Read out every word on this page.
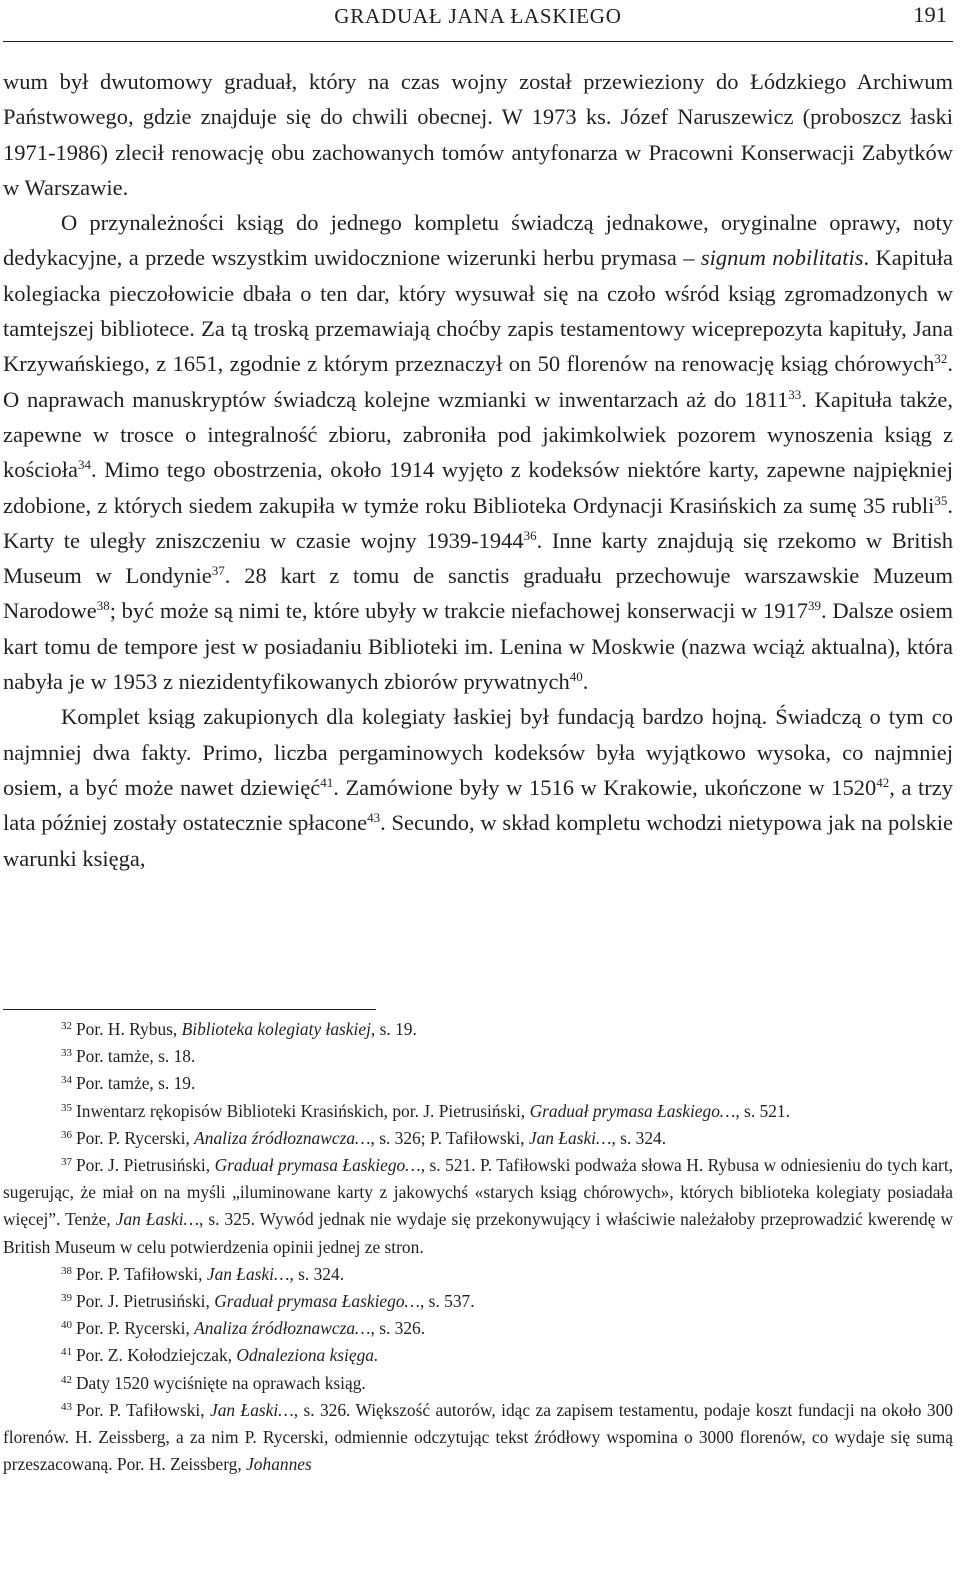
GRADUAŁ JANA ŁASKIEGO	191

wum był dwutomowy graduał, który na czas wojny został przewieziony do Łódzkiego Archiwum Państwowego, gdzie znajduje się do chwili obecnej. W 1973 ks. Józef Naruszewicz (proboszcz łaski 1971-1986) zlecił renowację obu zachowanych tomów antyfonarza w Pracowni Konserwacji Zabytków w Warszawie.

O przynależności ksiąg do jednego kompletu świadczą jednakowe, oryginalne oprawy, noty dedykacyjne, a przede wszystkim uwidocznione wizerunki herbu prymasa – signum nobilitatis. Kapituła kolegiacka pieczołowicie dbała o ten dar, który wysuwał się na czoło wśród ksiąg zgromadzonych w tamtejszej bibliotece. Za tą troską przemawiają choćby zapis testamentowy wiceprepozyta kapituły, Jana Krzywańskiego, z 1651, zgodnie z którym przeznaczył on 50 florenów na renowację ksiąg chórowych$^{32}$. O naprawach manuskryptów świadczą kolejne wzmianki w inwentarzach aż do 1811$^{33}$. Kapituła także, zapewne w trosce o integralność zbioru, zabroniła pod jakimkolwiek pozorem wynoszenia ksiąg z kościoła$^{34}$. Mimo tego obostrzenia, około 1914 wyjęto z kodeksów niektóre karty, zapewne najpiękniej zdobione, z których siedem zakupiła w tymże roku Biblioteka Ordynacji Krasińskich za sumę 35 rubli$^{35}$. Karty te uległy zniszczeniu w czasie wojny 1939-1944$^{36}$. Inne karty znajdują się rzekomo w British Museum w Londynie$^{37}$. 28 kart z tomu de sanctis graduału przechowuje warszawskie Muzeum Narodowe$^{38}$; być może są nimi te, które ubyły w trakcie niefachowej konserwacji w 1917$^{39}$. Dalsze osiem kart tomu de tempore jest w posiadaniu Biblioteki im. Lenina w Moskwie (nazwa wciąż aktualna), która nabyła je w 1953 z niezidentyfikowanych zbiorów prywatnych$^{40}$.

Komplet ksiąg zakupionych dla kolegiaty łaskiej był fundacją bardzo hojną. Świadczą o tym co najmniej dwa fakty. Primo, liczba pergaminowych kodeksów była wyjątkowo wysoka, co najmniej osiem, a być może nawet dziewięć$^{41}$. Zamówione były w 1516 w Krakowie, ukończone w 1520$^{42}$, a trzy lata później zostały ostatecznie spłacone$^{43}$. Secundo, w skład kompletu wchodzi nietypowa jak na polskie warunki księga,

$^{32}$ Por. H. Rybus, Biblioteka kolegiaty łaskiej, s. 19.

$^{33}$ Por. tamże, s. 18.

$^{34}$ Por. tamże, s. 19.

$^{35}$ Inwentarz rękopisów Biblioteki Krasińskich, por. J. Pietrusiński, Graduał prymasa Łaskiego…, s. 521.

$^{36}$ Por. P. Rycerski, Analiza źródłoznawcza…, s. 326; P. Tafiłowski, Jan Łaski…, s. 324.

$^{37}$ Por. J. Pietrusiński, Graduał prymasa Łaskiego…, s. 521. P. Tafiłowski podważa słowa H. Rybusa w odniesieniu do tych kart, sugerując, że miał on na myśli „iluminowane karty z jakowychś «starych ksiąg chórowych», których biblioteka kolegiaty posiadała więcej”. Tenże, Jan Łaski…, s. 325. Wywód jednak nie wydaje się przekonywujący i właściwie należałoby przeprowadzić kwerendę w British Museum w celu potwierdzenia opinii jednej ze stron.

$^{38}$ Por. P. Tafiłowski, Jan Łaski…, s. 324.

$^{39}$ Por. J. Pietrusiński, Graduał prymasa Łaskiego…, s. 537.

$^{40}$ Por. P. Rycerski, Analiza źródłoznawcza…, s. 326.

$^{41}$ Por. Z. Kołodziejczak, Odnaleziona księga.

$^{42}$ Daty 1520 wyciśnięte na oprawach ksiąg.

$^{43}$ Por. P. Tafiłowski, Jan Łaski…, s. 326. Większość autorów, idąc za zapisem testamentu, podaje koszt fundacji na około 300 florenów. H. Zeissberg, a za nim P. Rycerski, odmiennie odczytując tekst źródłowy wspomina o 3000 florenów, co wydaje się sumą przeszacowaną. Por. H. Zeissberg, Johannes
